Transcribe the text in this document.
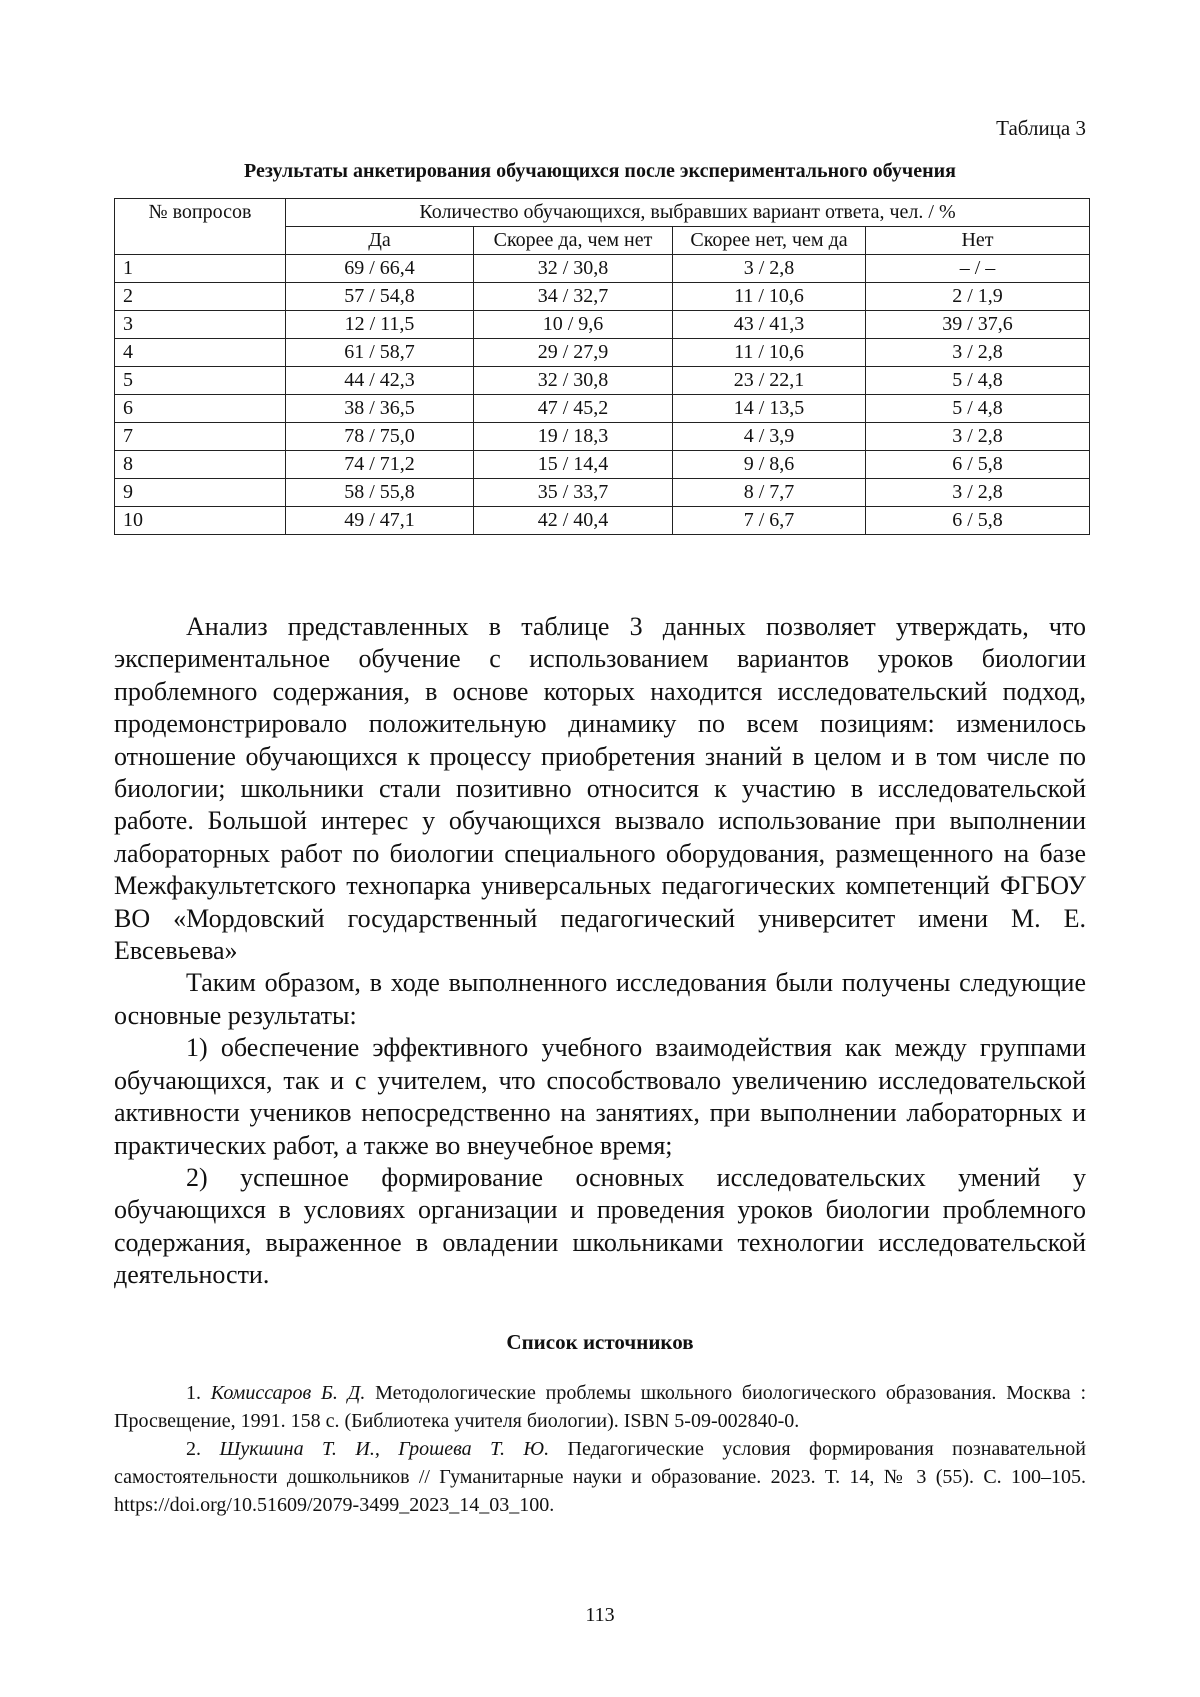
Таблица 3
Результаты анкетирования обучающихся после экспериментального обучения
№ вопросов	Количество обучающихся, выбравших вариант ответа, чел. / %			
	Да	Скорее да, чем нет	Скорее нет, чем да	Нет
1	69 / 66,4	32 / 30,8	3 / 2,8	– / –
2	57 / 54,8	34 / 32,7	11 / 10,6	2 / 1,9
3	12 / 11,5	10 / 9,6	43 / 41,3	39 / 37,6
4	61 / 58,7	29 / 27,9	11 / 10,6	3 / 2,8
5	44 / 42,3	32 / 30,8	23 / 22,1	5 / 4,8
6	38 / 36,5	47 / 45,2	14 / 13,5	5 / 4,8
7	78 / 75,0	19 / 18,3	4 / 3,9	3 / 2,8
8	74 / 71,2	15 / 14,4	9 / 8,6	6 / 5,8
9	58 / 55,8	35 / 33,7	8 / 7,7	3 / 2,8
10	49 / 47,1	42 / 40,4	7 / 6,7	6 / 5,8

Анализ представленных в таблице 3 данных позволяет утверждать, что экспериментальное обучение с использованием вариантов уроков биологии проблемного содержания, в основе которых находится исследовательский подход, продемонстрировало положительную динамику по всем позициям: изменилось отношение обучающихся к процессу приобретения знаний в целом и в том числе по биологии; школьники стали позитивно относится к участию в исследовательской работе. Большой интерес у обучающихся вызвало использование при выполнении лабораторных работ по биологии специального оборудования, размещенного на базе Межфакультетского технопарка универсальных педагогических компетенций ФГБОУ ВО «Мордовский государственный педагогический университет имени М. Е. Евсевьева»

Таким образом, в ходе выполненного исследования были получены следующие основные результаты:

1) обеспечение эффективного учебного взаимодействия как между группами обучающихся, так и с учителем, что способствовало увеличению исследовательской активности учеников непосредственно на занятиях, при выполнении лабораторных и практических работ, а также во внеучебное время;

2) успешное формирование основных исследовательских умений у обучающихся в условиях организации и проведения уроков биологии проблемного содержания, выраженное в овладении школьниками технологии исследовательской деятельности.

Список источников

1. Комиссаров Б. Д. Методологические проблемы школьного биологического образования. Москва : Просвещение, 1991. 158 с. (Библиотека учителя биологии). ISBN 5-09-002840-0.

2. Шукшина Т. И., Грошева Т. Ю. Педагогические условия формирования познавательной самостоятельности дошкольников // Гуманитарные науки и образование. 2023. Т. 14, № 3 (55). С. 100–105. https://doi.org/10.51609/2079-3499_2023_14_03_100.

113
